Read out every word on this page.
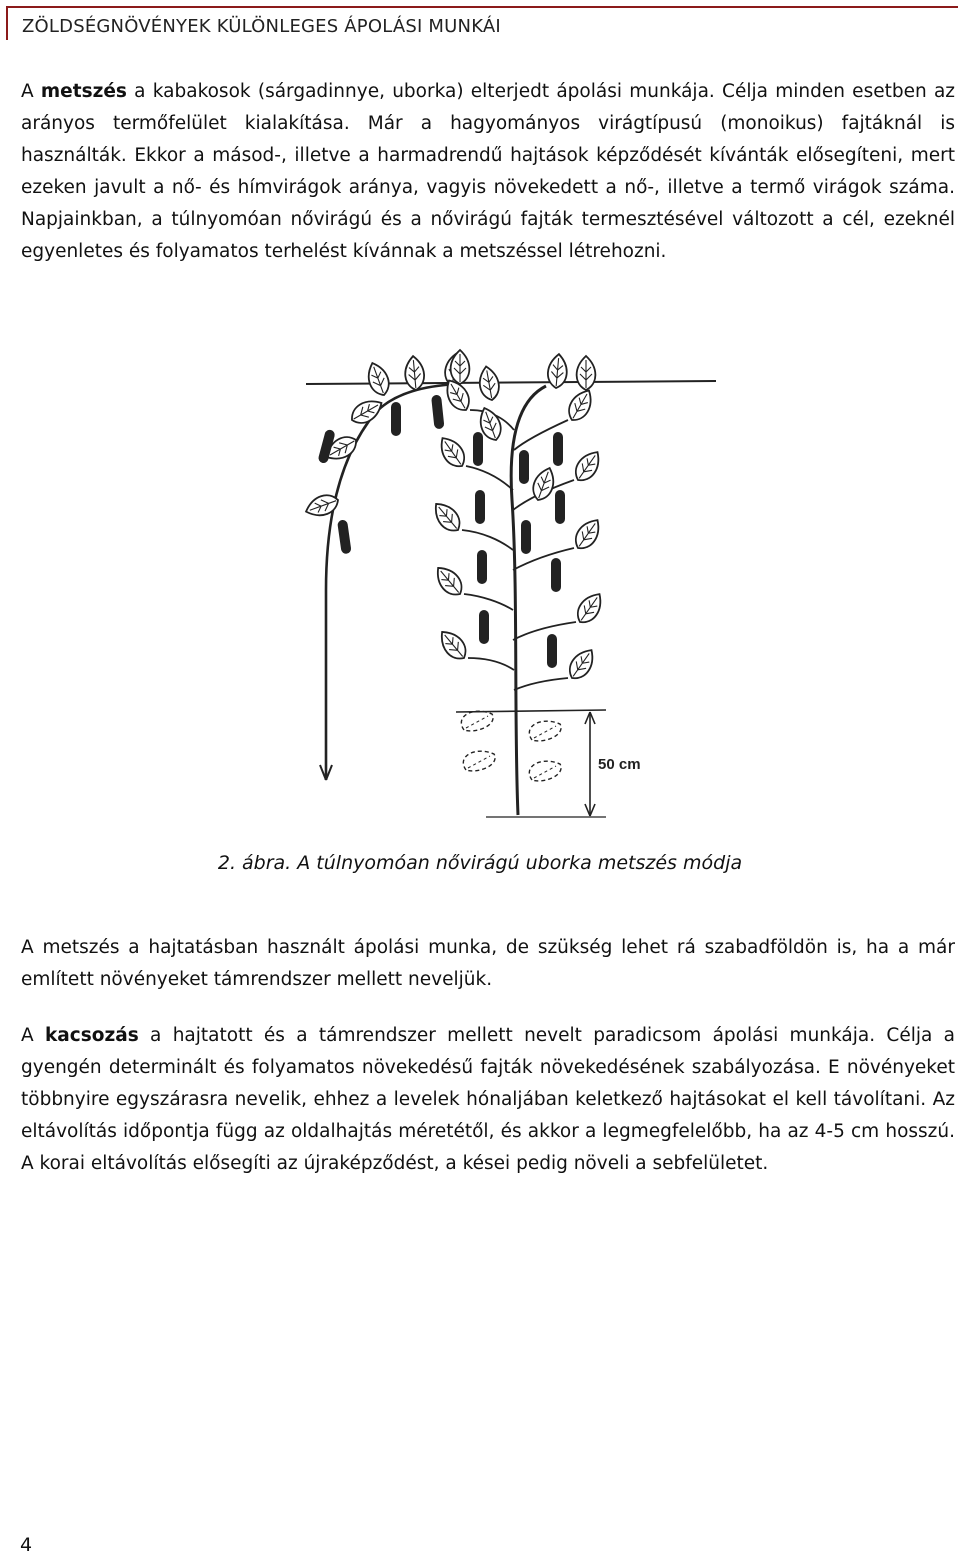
ZÖLDSÉGNÖVÉNYEK KÜLÖNLEGES ÁPOLÁSI MUNKÁI

A metszés a kabakosok (sárgadinnye, uborka) elterjedt ápolási munkája. Célja minden esetben az arányos termőfelület kialakítása. Már a hagyományos virágtípusú (monoikus) fajtáknál is használták. Ekkor a másod-, illetve a harmadrendű hajtások képződését kívánták elősegíteni, mert ezeken javult a nő- és hímvirágok aránya, vagyis növekedett a nő-, illetve a termő virágok száma. Napjainkban, a túlnyomóan nővirágú és a nővirágú fajták termesztésével változott a cél, ezeknél egyenletes és folyamatos terhelést kívánnak a metszéssel létrehozni.

50 cm
2. ábra. A túlnyomóan nővirágú uborka metszés módja

A metszés a hajtatásban használt ápolási munka, de szükség lehet rá szabadföldön is, ha a már említett növényeket támrendszer mellett neveljük.

A kacsozás a hajtatott és a támrendszer mellett nevelt paradicsom ápolási munkája. Célja a gyengén determinált és folyamatos növekedésű fajták növekedésének szabályozása. E növényeket többnyire egyszárasra nevelik, ehhez a levelek hónaljában keletkező hajtásokat el kell távolítani. Az eltávolítás időpontja függ az oldalhajtás méretétől, és akkor a legmegfelelőbb, ha az 4-5 cm hosszú. A korai eltávolítás elősegíti az újraképződést, a kései pedig növeli a sebfelületet.

4
